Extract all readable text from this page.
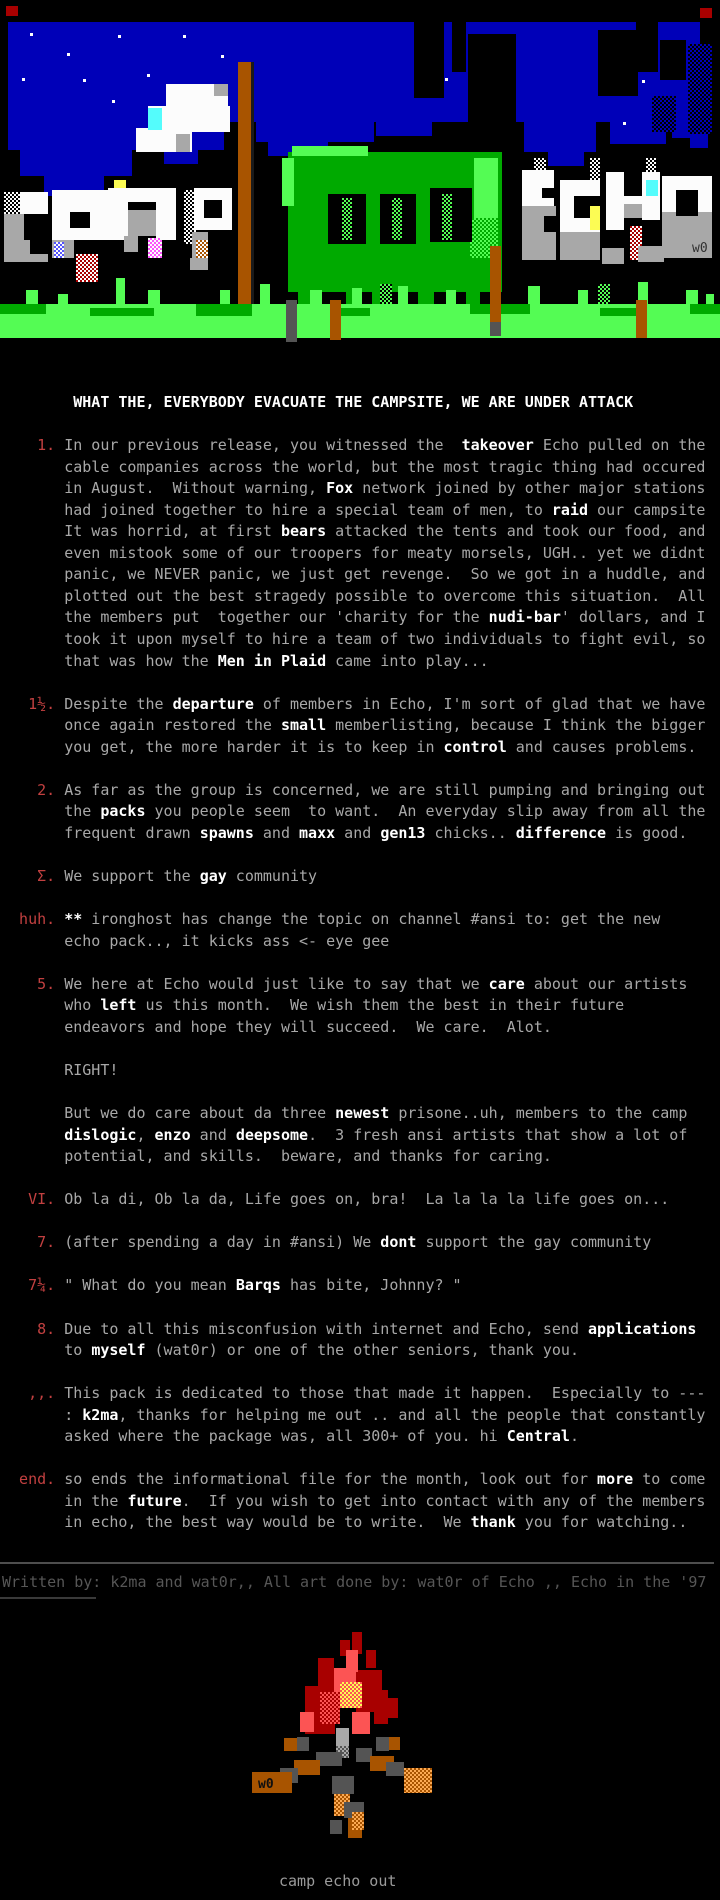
w0
WHAT THE, EVERYBODY EVACUATE THE CAMPSITE, WE ARE UNDER ATTACK

1. In our previous release, you witnessed the  takeover Echo pulled on the
cable companies across the world, but the most tragic thing had occured
in August.  Without warning, Fox network joined by other major stations
had joined together to hire a special team of men, to raid our campsite
It was horrid, at first bears attacked the tents and took our food, and
even mistook some of our troopers for meaty morsels, UGH.. yet we didnt
panic, we NEVER panic, we just get revenge.  So we got in a huddle, and
plotted out the best stragedy possible to overcome this situation.  All
the members put  together our 'charity for the nudi-bar' dollars, and I
took it upon myself to hire a team of two individuals to fight evil, so
that was how the Men in Plaid came into play...

1½. Despite the departure of members in Echo, I'm sort of glad that we have
once again restored the small memberlisting, because I think the bigger
you get, the more harder it is to keep in control and causes problems.

2. As far as the group is concerned, we are still pumping and bringing out
the packs you people seem  to want.  An everyday slip away from all the
frequent drawn spawns and maxx and gen13 chicks.. difference is good.

Σ. We support the gay community

huh. ** ironghost has change the topic on channel #ansi to: get the new
echo pack.., it kicks ass <- eye gee

5. We here at Echo would just like to say that we care about our artists
who left us this month.  We wish them the best in their future
endeavors and hope they will succeed.  We care.  Alot.

RIGHT!

But we do care about da three newest prisone..uh, members to the camp
dislogic, enzo and deepsome.  3 fresh ansi artists that show a lot of
potential, and skills.  beware, and thanks for caring.

VI. Ob la di, Ob la da, Life goes on, bra!  La la la la life goes on...

7. (after spending a day in #ansi) We dont support the gay community

7¼. " What do you mean Barqs has bite, Johnny? "

8. Due to all this misconfusion with internet and Echo, send applications
to myself (wat0r) or one of the other seniors, thank you.

,,. This pack is dedicated to those that made it happen.  Especially to ---
: k2ma, thanks for helping me out .. and all the people that constantly
asked where the package was, all 300+ of you. hi Central.

end. so ends the informational file for the month, look out for more to come
in the future.  If you wish to get into contact with any of the members
in echo, the best way would be to write.  We thank you for watching..
Written by: k2ma and wat0r,, All art done by: wat0r of Echo ,, Echo in the '97
w0
camp echo out
